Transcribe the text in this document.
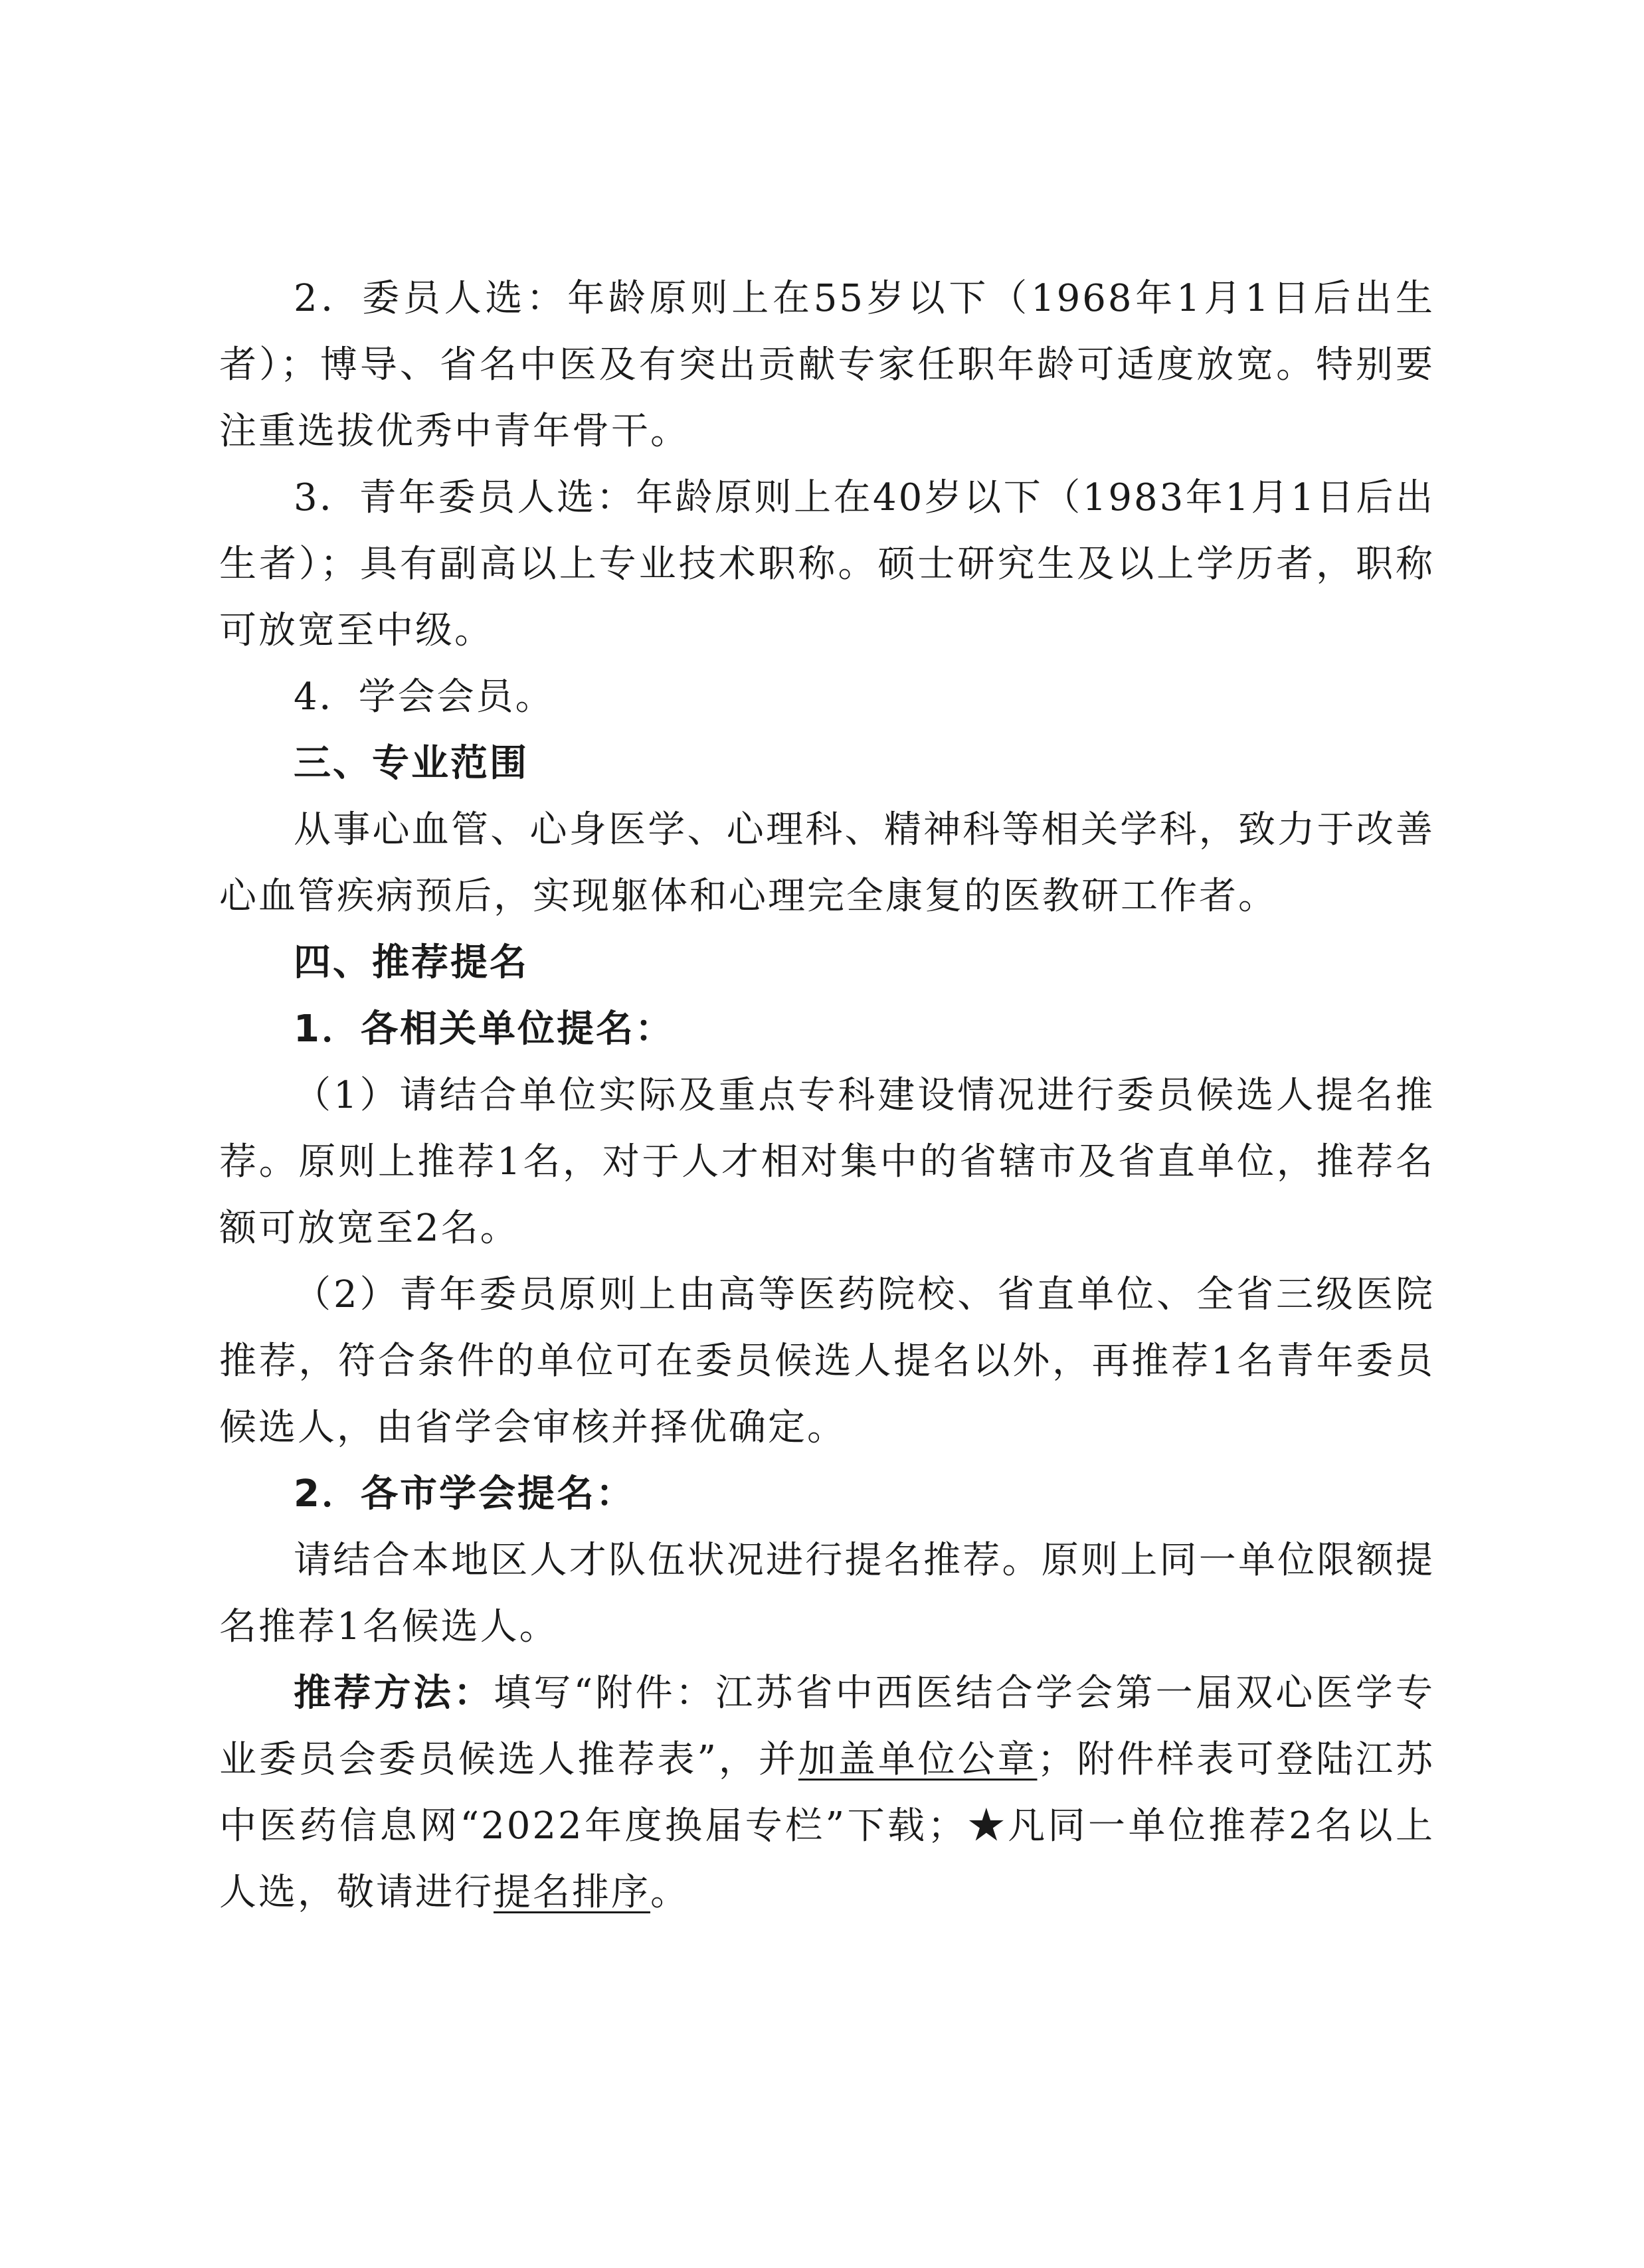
2．委员人选：年龄原则上在55岁以下（1968年1月1日后出生者）；博导、省名中医及有突出贡献专家任职年龄可适度放宽。特别要注重选拔优秀中青年骨干。

3．青年委员人选：年龄原则上在40岁以下（1983年1月1日后出生者）；具有副高以上专业技术职称。硕士研究生及以上学历者，职称可放宽至中级。

4．学会会员。

三、专业范围

从事心血管、心身医学、心理科、精神科等相关学科，致力于改善心血管疾病预后，实现躯体和心理完全康复的医教研工作者。

四、推荐提名

1．各相关单位提名：

（1）请结合单位实际及重点专科建设情况进行委员候选人提名推荐。原则上推荐1名，对于人才相对集中的省辖市及省直单位，推荐名额可放宽至2名。

（2）青年委员原则上由高等医药院校、省直单位、全省三级医院推荐，符合条件的单位可在委员候选人提名以外，再推荐1名青年委员候选人，由省学会审核并择优确定。

2．各市学会提名：

请结合本地区人才队伍状况进行提名推荐。原则上同一单位限额提名推荐1名候选人。

推荐方法：填写“附件：江苏省中西医结合学会第一届双心医学专业委员会委员候选人推荐表”，并加盖单位公章；附件样表可登陆江苏中医药信息网“2022年度换届专栏”下载；★凡同一单位推荐2名以上人选，敬请进行提名排序。
